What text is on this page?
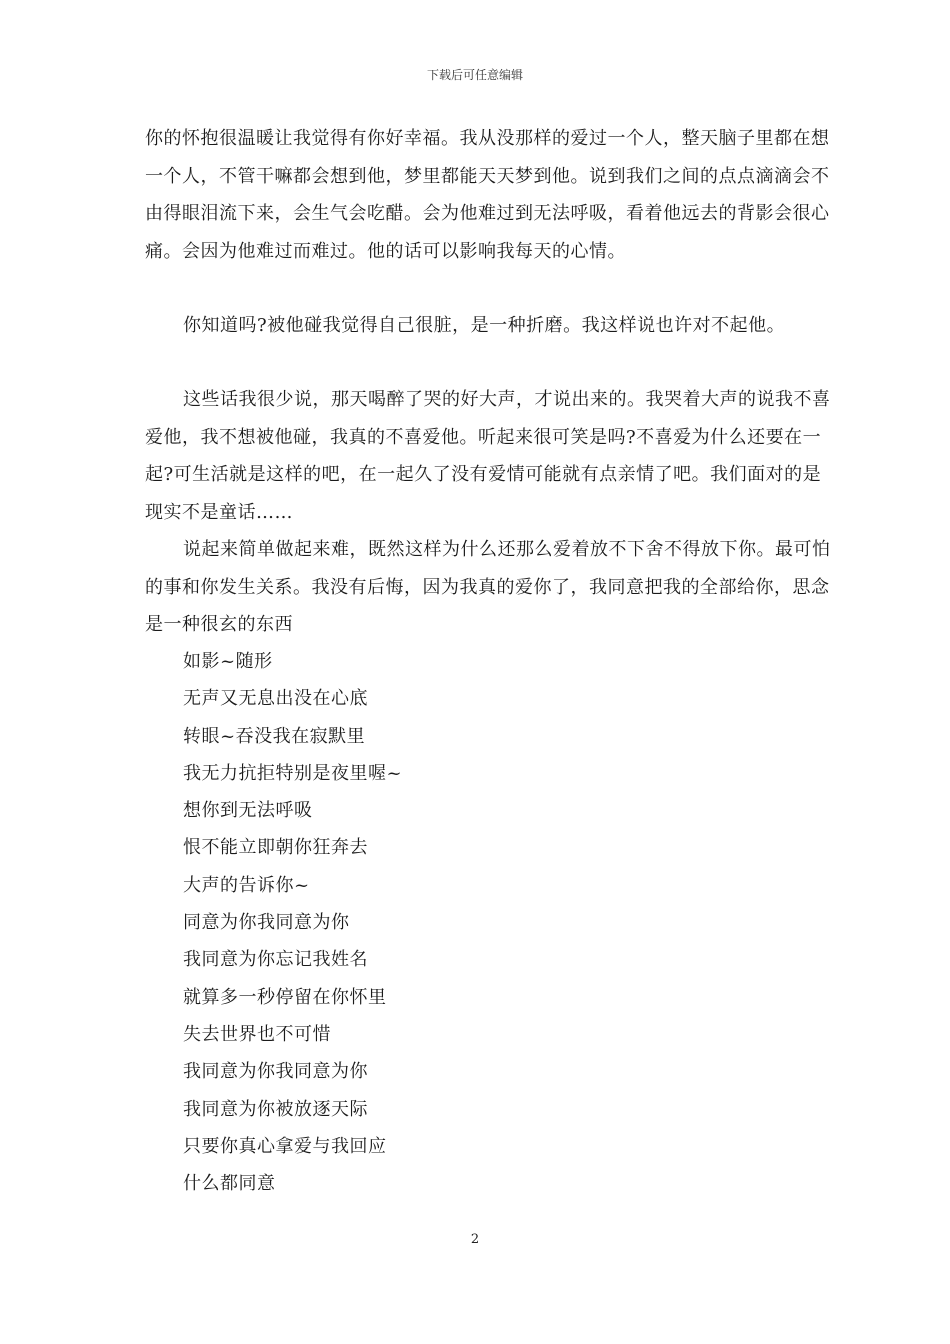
下载后可任意编辑

你的怀抱很温暖让我觉得有你好幸福。我从没那样的爱过一个人，整天脑子里都在想一个人，不管干嘛都会想到他，梦里都能天天梦到他。说到我们之间的点点滴滴会不由得眼泪流下来，会生气会吃醋。会为他难过到无法呼吸，看着他远去的背影会很心痛。会因为他难过而难过。他的话可以影响我每天的心情。

你知道吗?被他碰我觉得自己很脏，是一种折磨。我这样说也许对不起他。

这些话我很少说，那天喝醉了哭的好大声，才说出来的。我哭着大声的说我不喜爱他，我不想被他碰，我真的不喜爱他。听起来很可笑是吗?不喜爱为什么还要在一起?可生活就是这样的吧，在一起久了没有爱情可能就有点亲情了吧。我们面对的是现实不是童话……

说起来简单做起来难，既然这样为什么还那么爱着放不下舍不得放下你。最可怕的事和你发生关系。我没有后悔，因为我真的爱你了，我同意把我的全部给你，思念是一种很玄的东西

如影~随形
无声又无息出没在心底
转眼~吞没我在寂默里
我无力抗拒特别是夜里喔~
想你到无法呼吸
恨不能立即朝你狂奔去
大声的告诉你~
同意为你我同意为你
我同意为你忘记我姓名
就算多一秒停留在你怀里
失去世界也不可惜
我同意为你我同意为你
我同意为你被放逐天际
只要你真心拿爱与我回应
什么都同意
2
